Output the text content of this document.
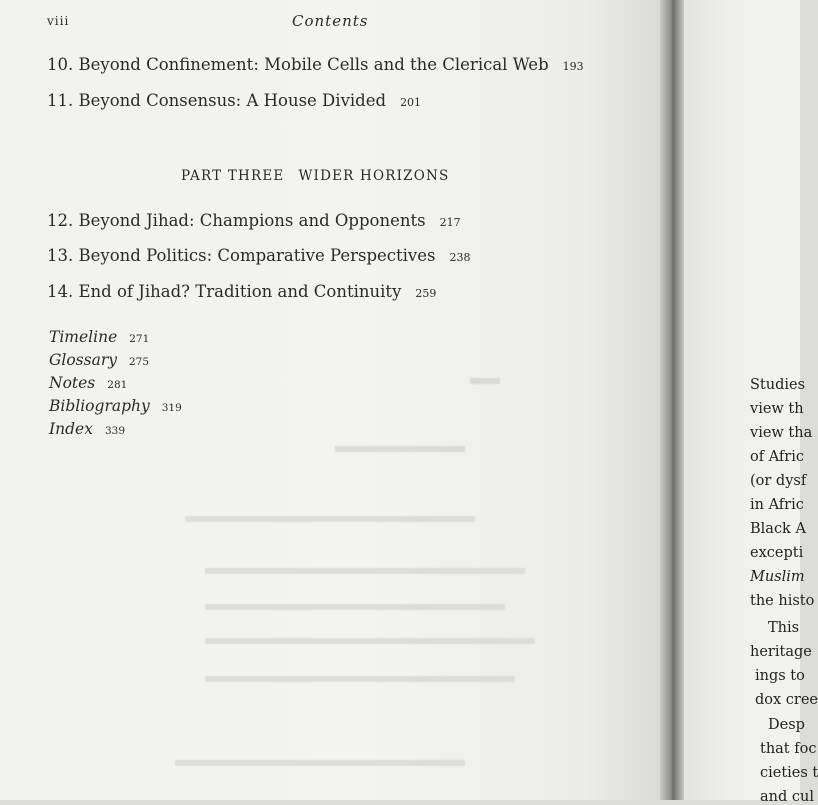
viii	Contents
10. Beyond Confinement: Mobile Cells and the Clerical Web 193
11. Beyond Consensus: A House Divided 201
PART THREE WIDER HORIZONS
12. Beyond Jihad: Champions and Opponents 217
13. Beyond Politics: Comparative Perspectives 238
14. End of Jihad? Tradition and Continuity 259
Timeline 271
Glossary 275
Notes 281
Bibliography 319
Index 339
Studies
view th
view tha
of Afric
(or dysf
in Afric
Black A
excepti
Muslim
the histo
This
heritage
ings to
dox cree
Desp
that foc
cieties t
and cul
